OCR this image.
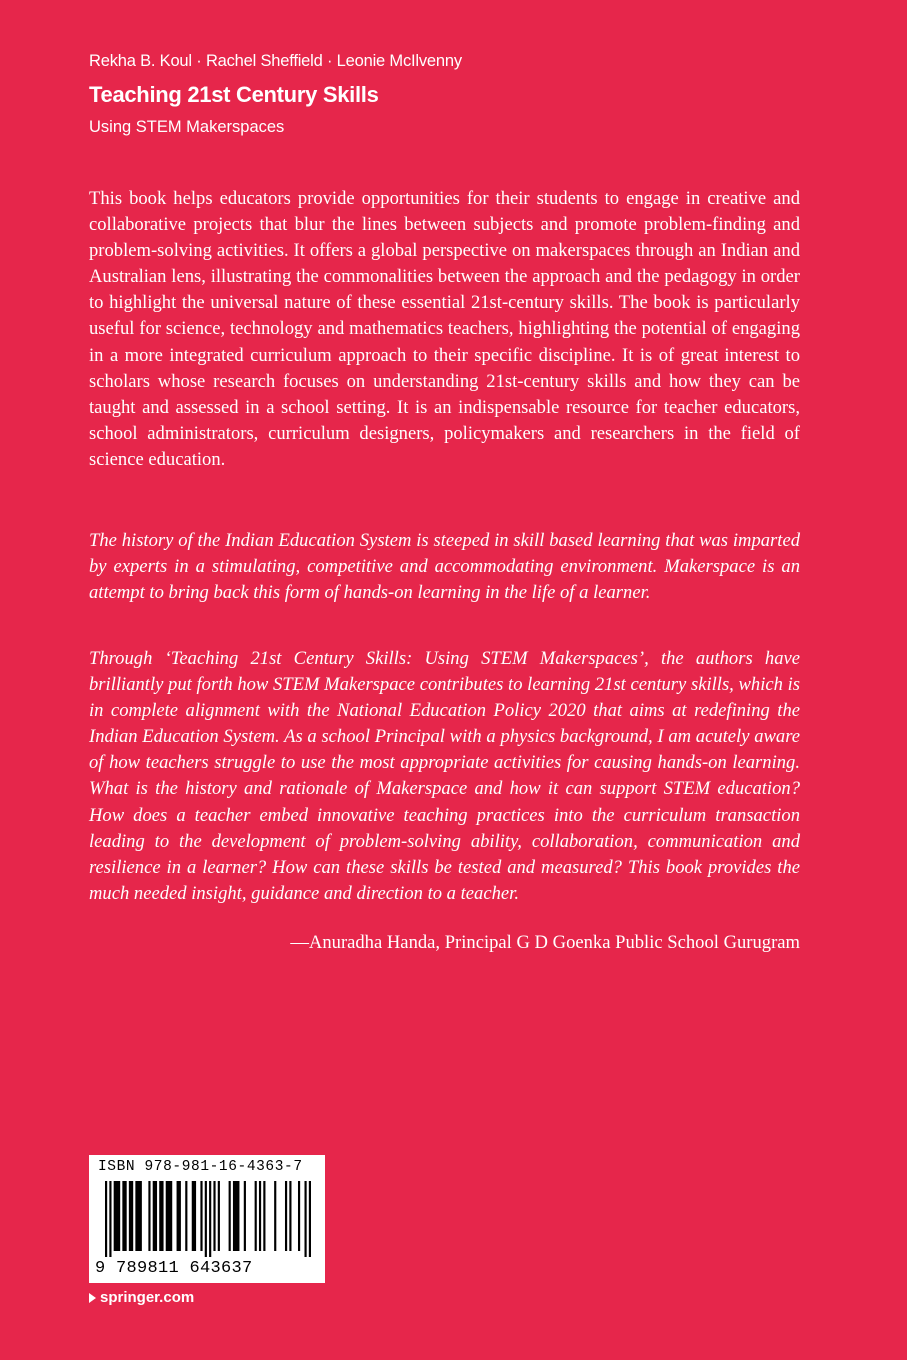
Rekha B. Koul · Rachel Sheffield · Leonie McIlvenny
Teaching 21st Century Skills
Using STEM Makerspaces

This book helps educators provide opportunities for their students to engage in creative and collaborative projects that blur the lines between subjects and promote problem-finding and problem-solving activities. It offers a global perspective on makerspaces through an Indian and Australian lens, illustrating the commonalities between the approach and the pedagogy in order to highlight the universal nature of these essential 21st-century skills. The book is particularly useful for science, technology and mathematics teachers, highlighting the potential of engaging in a more integrated curriculum approach to their specific discipline. It is of great interest to scholars whose research focuses on understanding 21st-century skills and how they can be taught and assessed in a school setting. It is an indispensable resource for teacher educators, school administrators, curriculum designers, policymakers and researchers in the field of science education.

The history of the Indian Education System is steeped in skill based learning that was imparted by experts in a stimulating, competitive and accommodating environment. Makerspace is an attempt to bring back this form of hands-on learning in the life of a learner.

Through ‘Teaching 21st Century Skills: Using STEM Makerspaces’, the authors have brilliantly put forth how STEM Makerspace contributes to learning 21st century skills, which is in complete alignment with the National Education Policy 2020 that aims at redefining the Indian Education System. As a school Principal with a physics background, I am acutely aware of how teachers struggle to use the most appropriate activities for causing hands-on learning. What is the history and rationale of Makerspace and how it can support STEM education? How does a teacher embed innovative teaching practices into the curriculum transaction leading to the development of problem-solving ability, collaboration, communication and resilience in a learner? How can these skills be tested and measured? This book provides the much needed insight, guidance and direction to a teacher.

—Anuradha Handa, Principal G D Goenka Public School Gurugram
ISBN 978-981-16-4363-7
9 789811 643637
springer.com
